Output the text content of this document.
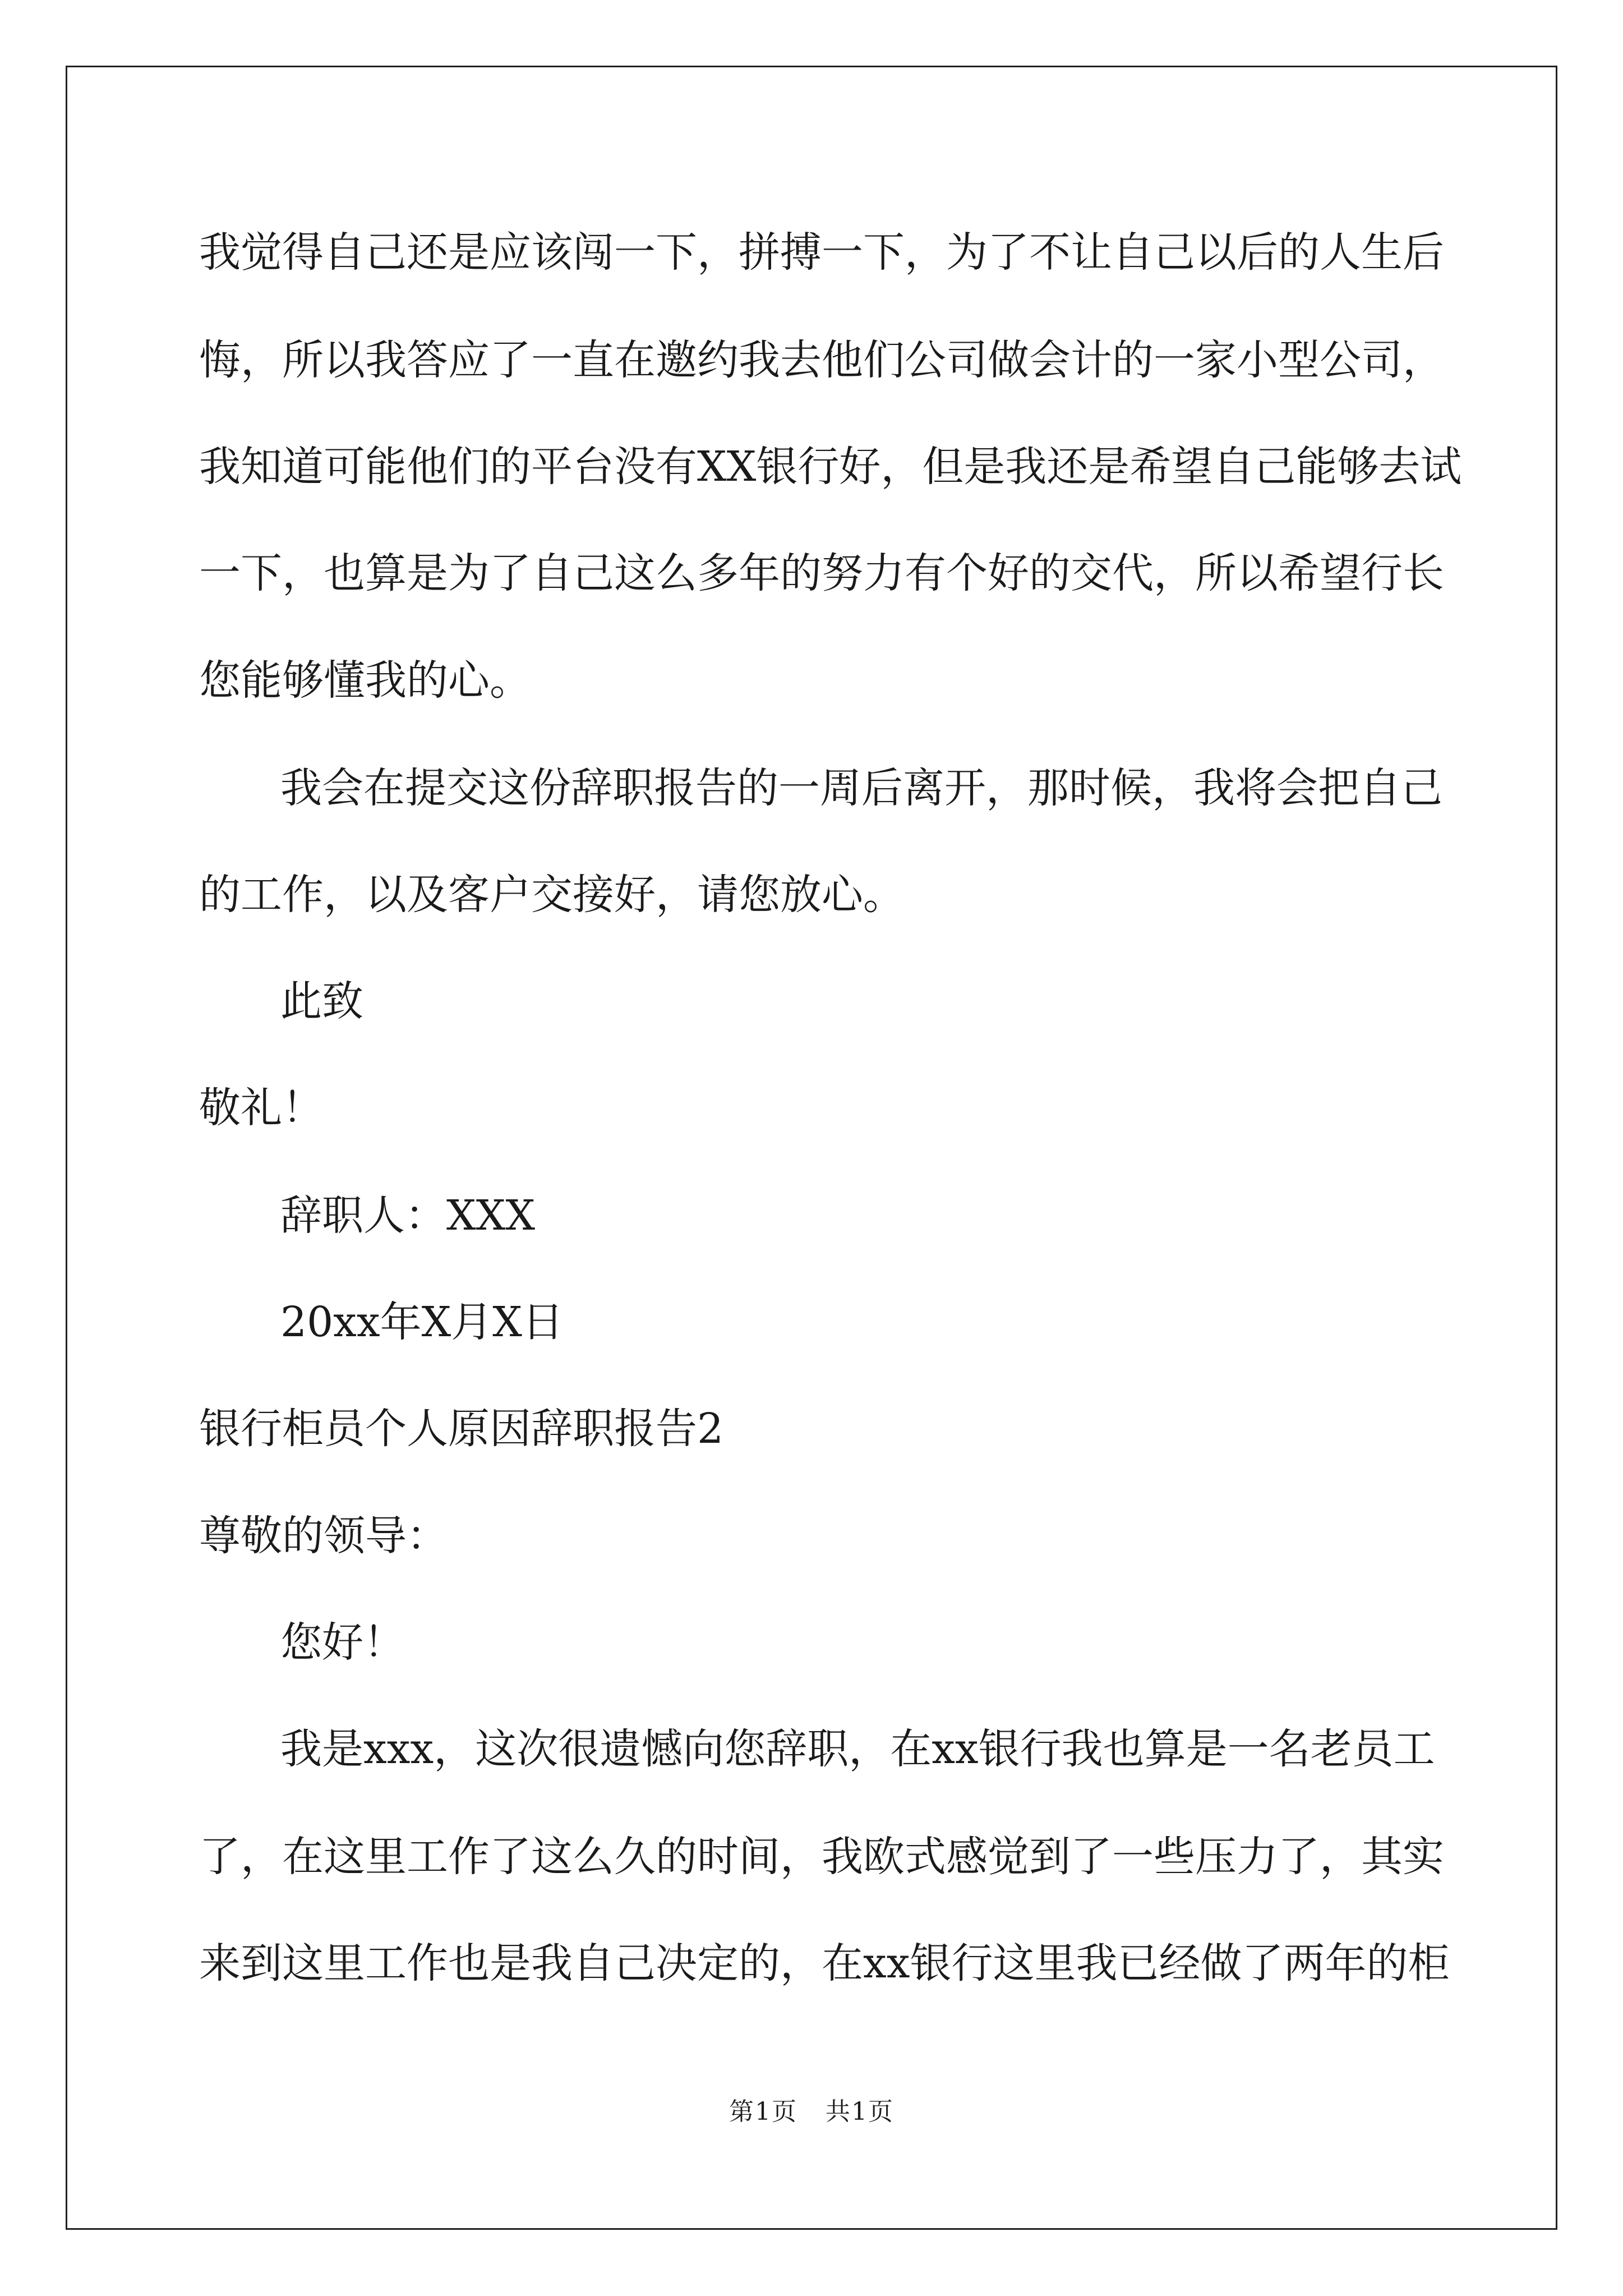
我觉得自己还是应该闯一下，拼搏一下，为了不让自己以后的人生后
悔，所以我答应了一直在邀约我去他们公司做会计的一家小型公司，
我知道可能他们的平台没有XX银行好，但是我还是希望自己能够去试
一下，也算是为了自己这么多年的努力有个好的交代，所以希望行长
您能够懂我的心。
我会在提交这份辞职报告的一周后离开，那时候，我将会把自己
的工作，以及客户交接好，请您放心。
此致
敬礼！
辞职人：XXX
20xx年X月X日
银行柜员个人原因辞职报告2
尊敬的领导：
您好！
我是xxx，这次很遗憾向您辞职，在xx银行我也算是一名老员工
了，在这里工作了这么久的时间，我欧式感觉到了一些压力了，其实
来到这里工作也是我自己决定的，在xx银行这里我已经做了两年的柜
第1页 共1页
